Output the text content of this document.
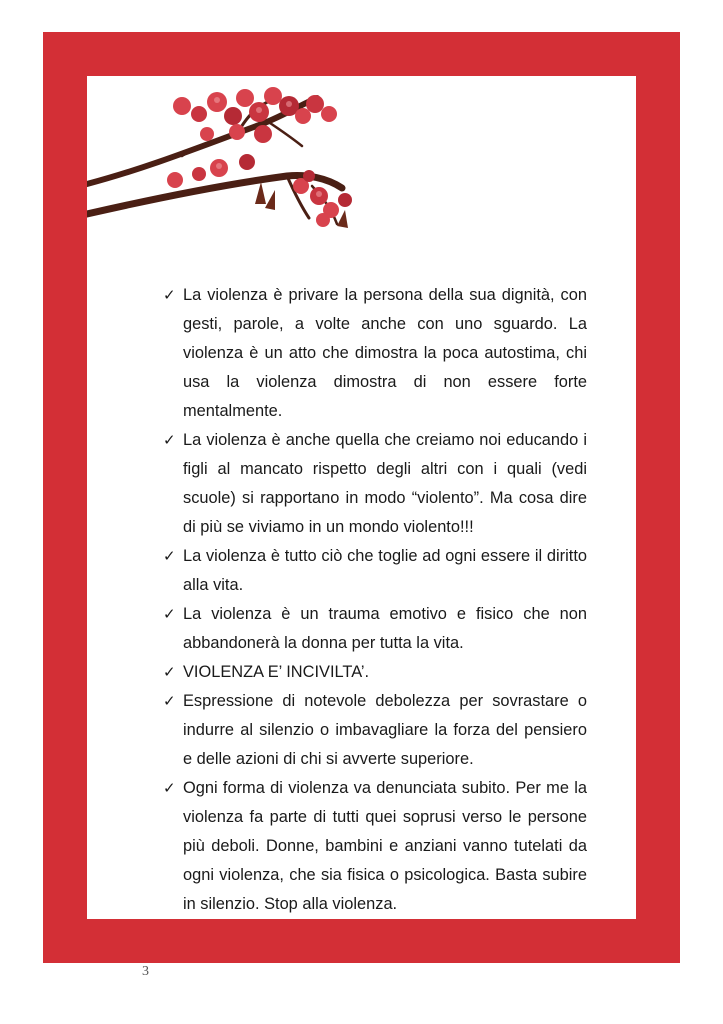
✓ La violenza è privare la persona della sua dignità, con gesti, parole, a volte anche con uno sguardo. La violenza è un atto che dimostra la poca autostima, chi usa la violenza dimostra di non essere forte mentalmente.
✓ La violenza è anche quella che creiamo noi educando i figli al mancato rispetto degli altri con i quali (vedi scuole) si rapportano in modo “violento”. Ma cosa dire di più se viviamo in un mondo violento!!!
✓ La violenza è tutto ciò che toglie ad ogni essere il diritto alla vita.
✓ La violenza è un trauma emotivo e fisico che non abbandonerà la donna per tutta la vita.
✓ VIOLENZA E’ INCIVILTA’.
✓ Espressione di notevole debolezza per sovrastare o indurre al silenzio o imbavagliare la forza del pensiero e delle azioni di chi si avverte superiore.
✓ Ogni forma di violenza va denunciata subito. Per me la violenza fa parte di tutti quei soprusi verso le persone più deboli. Donne, bambini e anziani vanno tutelati da ogni violenza, che sia fisica o psicologica. Basta subire in silenzio. Stop alla violenza.
3
